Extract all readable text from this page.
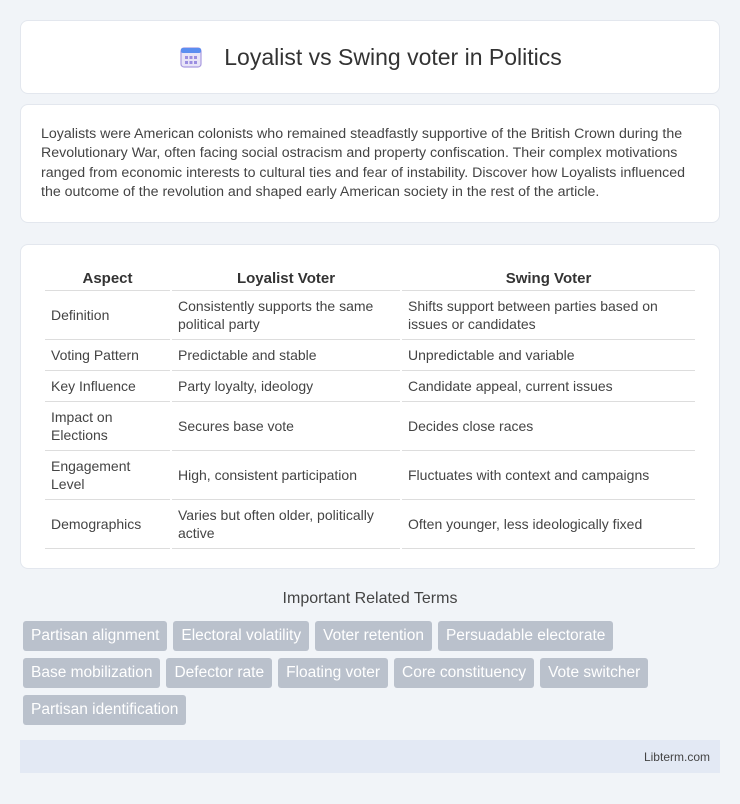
Loyalist vs Swing voter in Politics

Loyalists were American colonists who remained steadfastly supportive of the British Crown during the Revolutionary War, often facing social ostracism and property confiscation. Their complex motivations ranged from economic interests to cultural ties and fear of instability. Discover how Loyalists influenced the outcome of the revolution and shaped early American society in the rest of the article.

Aspect	Loyalist Voter	Swing Voter
Definition	Consistently supports the same political party	Shifts support between parties based on issues or candidates
Voting Pattern	Predictable and stable	Unpredictable and variable
Key Influence	Party loyalty, ideology	Candidate appeal, current issues
Impact on Elections	Secures base vote	Decides close races
Engagement Level	High, consistent participation	Fluctuates with context and campaigns
Demographics	Varies but often older, politically active	Often younger, less ideologically fixed
Important Related Terms
Partisan alignment	Electoral volatility	Voter retention	Persuadable electorate
Base mobilization	Defector rate	Floating voter	Core constituency	Vote switcher
Partisan identification
Libterm.com
